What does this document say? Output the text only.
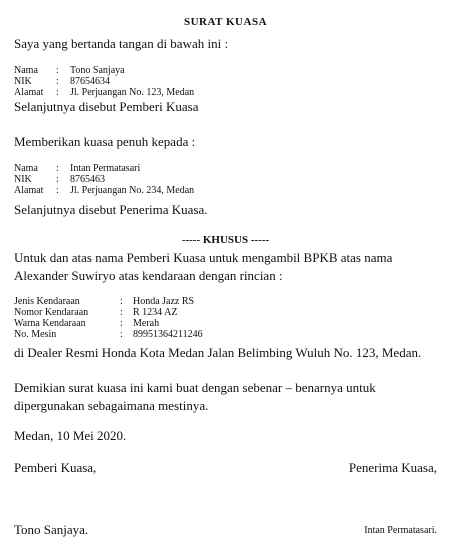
SURAT KUASA
Saya yang bertanda tangan di bawah ini :
Nama : Tono Sanjaya
NIK : 87654634
Alamat : Jl. Perjuangan No. 123, Medan
Selanjutnya disebut Pemberi Kuasa
Memberikan kuasa penuh kepada :
Nama : Intan Permatasari
NIK : 8765463
Alamat : Jl. Perjuangan No. 234, Medan
Selanjutnya disebut Penerima Kuasa.
----- KHUSUS -----
Untuk dan atas nama Pemberi Kuasa untuk mengambil BPKB atas nama
Alexander Suwiryo atas kendaraan dengan rincian :
Jenis Kendaraan	: Honda Jazz RS
Nomor Kendaraan	: R 1234 AZ
Warna Kendaraan	: Merah
No. Mesin	: 89951364211246
di Dealer Resmi Honda Kota Medan Jalan Belimbing Wuluh No. 123, Medan.
Demikian surat kuasa ini kami buat dengan sebenar – benarnya untuk
dipergunakan sebagaimana mestinya.
Medan, 10 Mei 2020.
Pemberi Kuasa,	Penerima Kuasa,
Tono Sanjaya.	Intan Permatasari.
